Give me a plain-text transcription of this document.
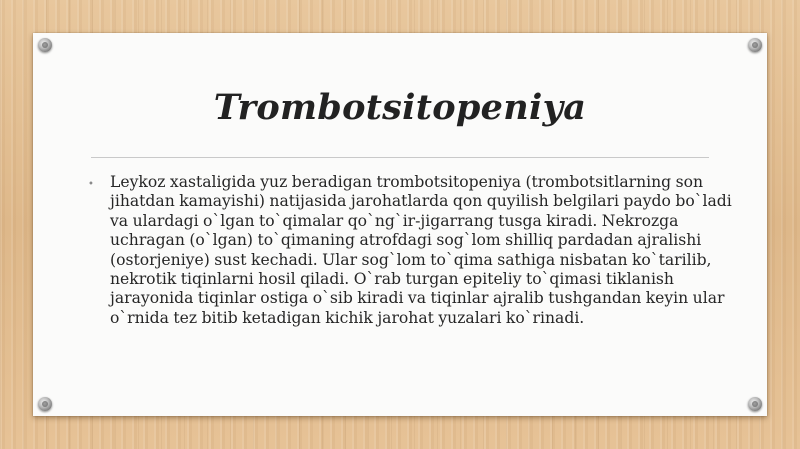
Trombotsitopeniya
• Leykoz xastaligida yuz beradigan trombotsitopeniya (trombotsitlarning son jihatdan kamayishi) natijasida jarohatlarda qon quyilish belgilari paydo bo`ladi va ulardagi o`lgan to`qimalar qo`ng`ir-jigarrang tusga kiradi. Nekrozga uchragan (o`lgan) to`qimaning atrofdagi sog`lom shilliq pardadan ajralishi (ostorjeniye) sust kechadi. Ular sog`lom to`qima sathiga nisbatan ko`tarilib, nekrotik tiqinlarni hosil qiladi. O`rab turgan epiteliy to`qimasi tiklanish jarayonida tiqinlar ostiga o`sib kiradi va tiqinlar ajralib tushgandan keyin ular o`rnida tez bitib ketadigan kichik jarohat yuzalari ko`rinadi.
